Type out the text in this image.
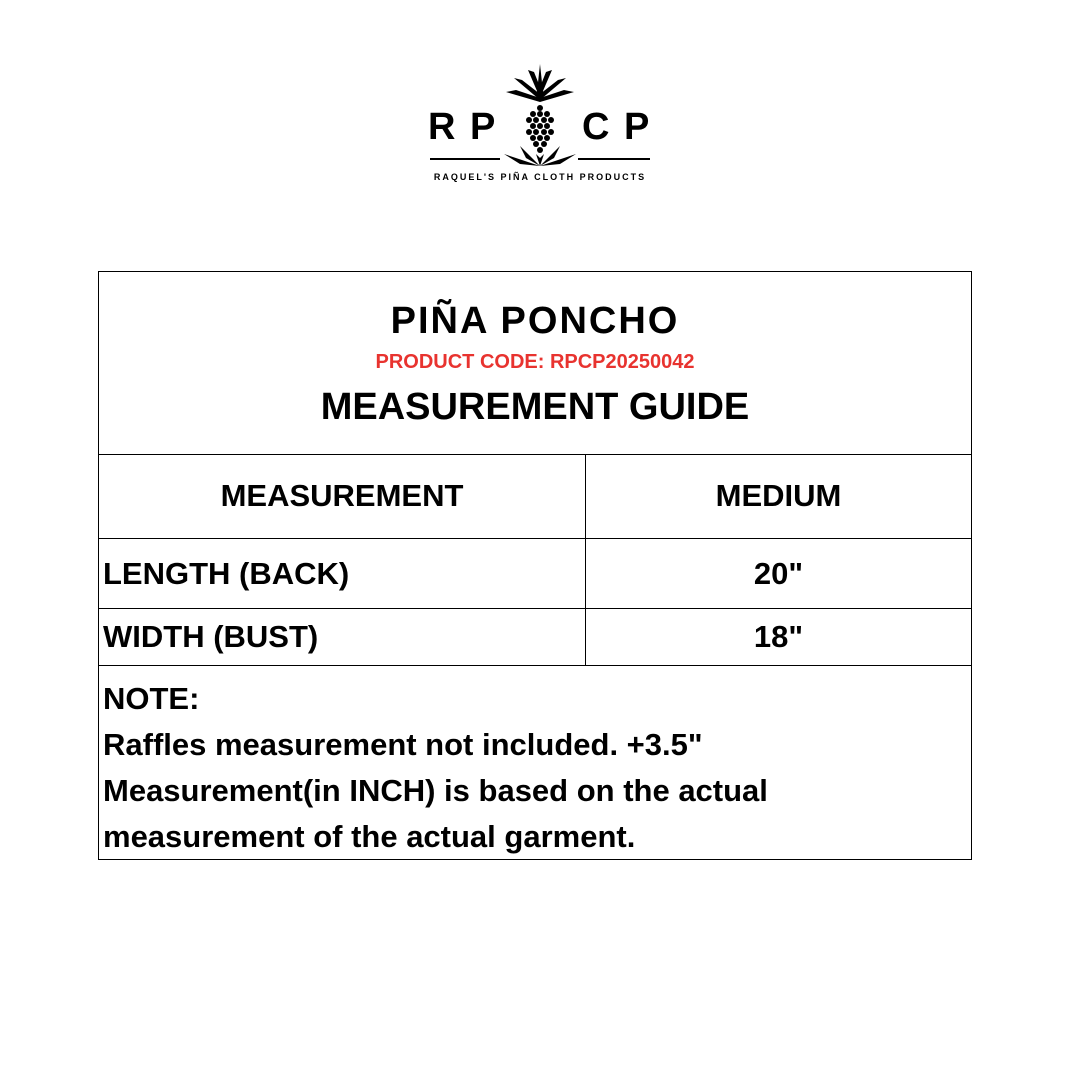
R P C P
RAQUEL'S PIÑA CLOTH PRODUCTS
PIÑA PONCHO
PRODUCT CODE: RPCP20250042
MEASUREMENT GUIDE
MEASUREMENT	MEDIUM
LENGTH (BACK)	20"
WIDTH (BUST)	18"
NOTE:
Raffles measurement not included. +3.5"
Measurement(in INCH) is based on the actual
measurement of the actual garment.
